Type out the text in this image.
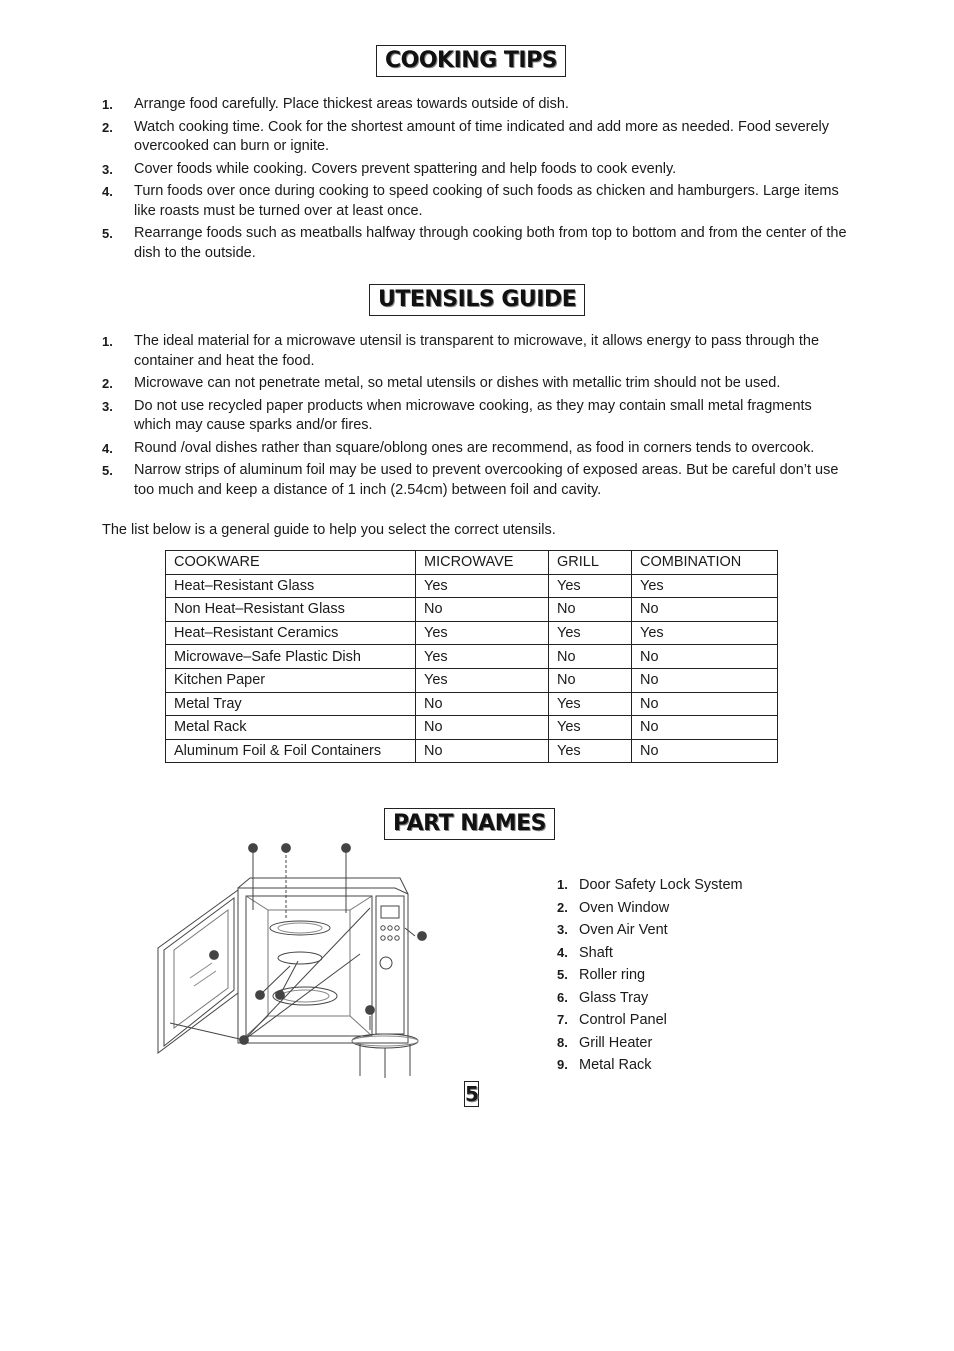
COOKING TIPS
1. Arrange food carefully. Place thickest areas towards outside of dish.
2. Watch cooking time. Cook for the shortest amount of time indicated and add more as needed. Food severely overcooked can burn or ignite.
3. Cover foods while cooking. Covers prevent spattering and help foods to cook evenly.
4. Turn foods over once during cooking to speed cooking of such foods as chicken and hamburgers. Large items like roasts must be turned over at least once.
5. Rearrange foods such as meatballs halfway through cooking both from top to bottom and from the center of the dish to the outside.
UTENSILS GUIDE
1. The ideal material for a microwave utensil is transparent to microwave, it allows energy to pass through the container and heat the food.
2. Microwave can not penetrate metal, so metal utensils or dishes with metallic trim should not be used.
3. Do not use recycled paper products when microwave cooking, as they may contain small metal fragments which may cause sparks and/or fires.
4. Round /oval dishes rather than square/oblong ones are recommend, as food in corners tends to overcook.
5. Narrow strips of aluminum foil may be used to prevent overcooking of exposed areas. But be careful don’t use too much and keep a distance of 1 inch (2.54cm) between foil and cavity.
The list below is a general guide to help you select the correct utensils.
COOKWARE	MICROWAVE	GRILL	COMBINATION
Heat–Resistant Glass	Yes	Yes	Yes
Non Heat–Resistant Glass	No	No	No
Heat–Resistant Ceramics	Yes	Yes	Yes
Microwave–Safe Plastic Dish	Yes	No	No
Kitchen Paper	Yes	No	No
Metal Tray	No	Yes	No
Metal Rack	No	Yes	No
Aluminum Foil & Foil Containers	No	Yes	No
PART NAMES
8	6	3
7
2
5 4
1
9
1. Door Safety Lock System
2. Oven Window
3. Oven Air Vent
4. Shaft
5. Roller ring
6. Glass Tray
7. Control Panel
8. Grill Heater
9. Metal Rack
5
